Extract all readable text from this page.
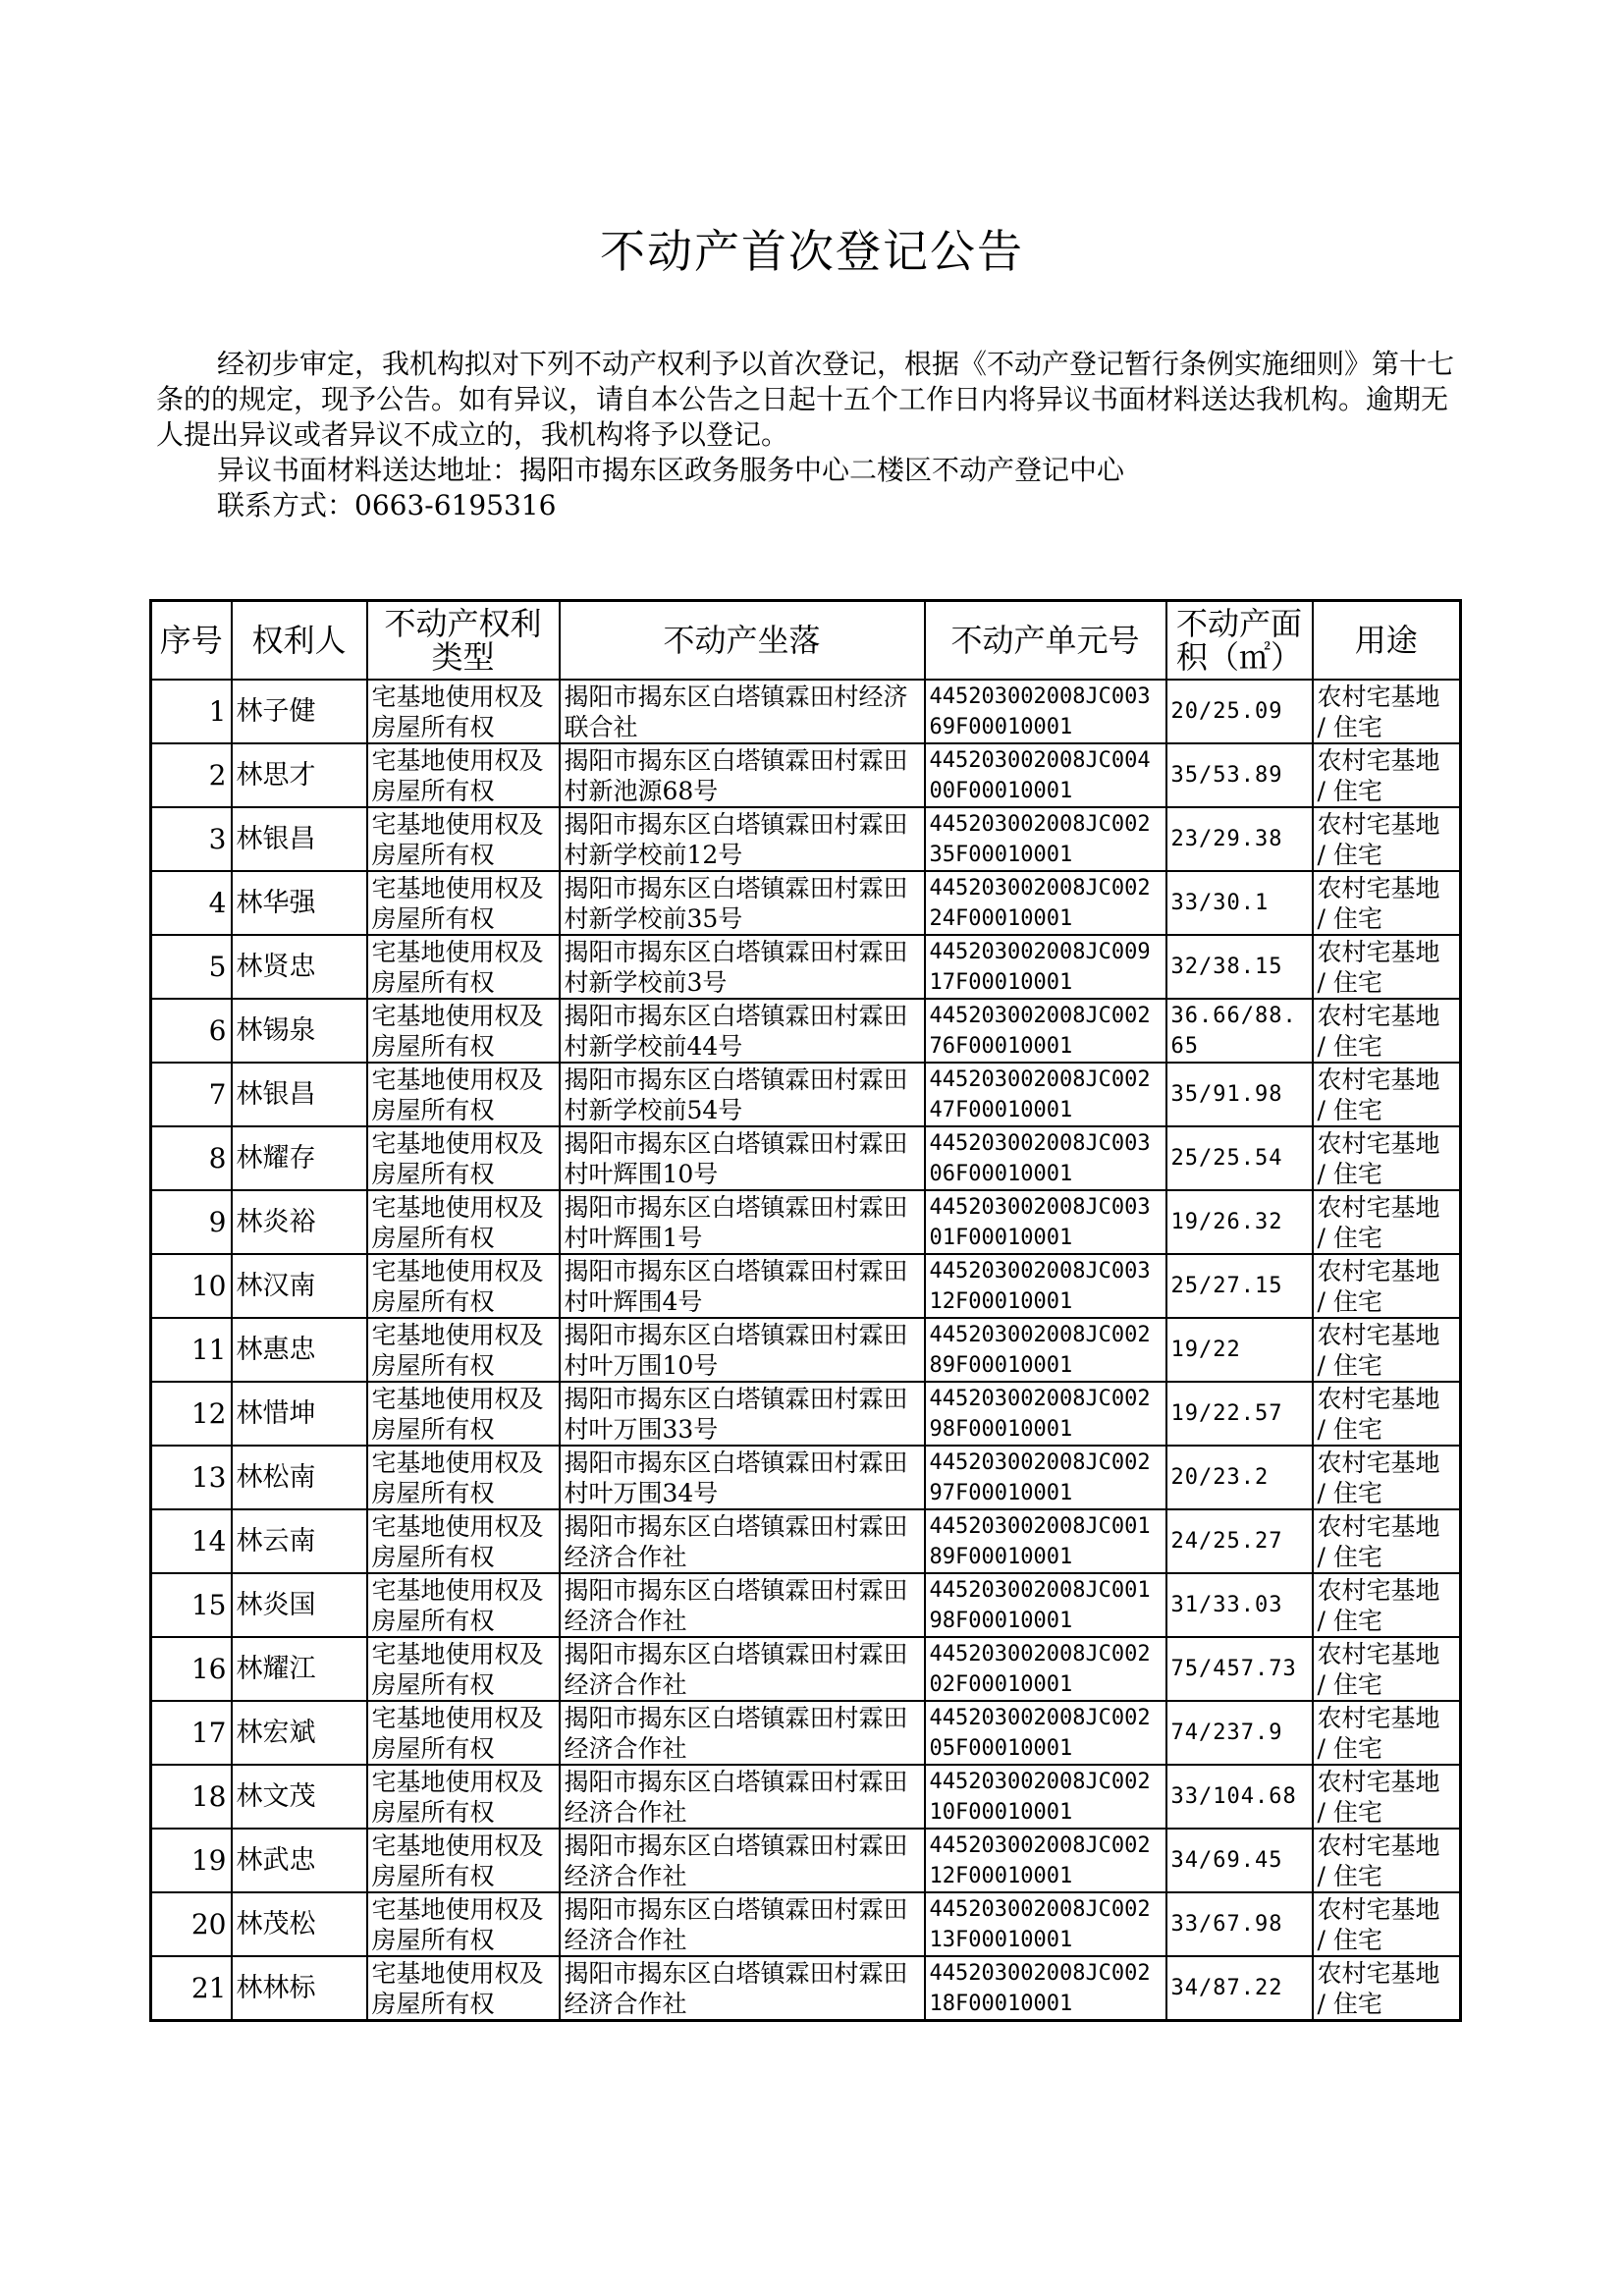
不动产首次登记公告

经初步审定，我机构拟对下列不动产权利予以首次登记，根据《不动产登记暂行条例实施细则》第十七条的的规定，现予公告。如有异议，请自本公告之日起十五个工作日内将异议书面材料送达我机构。逾期无人提出异议或者异议不成立的，我机构将予以登记。

异议书面材料送达地址：揭阳市揭东区政务服务中心二楼区不动产登记中心

联系方式：0663-6195316

序号	权利人	不动产权利类型	不动产坐落	不动产单元号	不动产面积（㎡）	用途
1	林子健	宅基地使用权及房屋所有权	揭阳市揭东区白塔镇霖田村经济联合社	445203002008JC00369F00010001	20/25.09	农村宅基地 / 住宅
2	林思才	宅基地使用权及房屋所有权	揭阳市揭东区白塔镇霖田村霖田村新池源68号	445203002008JC00400F00010001	35/53.89	农村宅基地 / 住宅
3	林银昌	宅基地使用权及房屋所有权	揭阳市揭东区白塔镇霖田村霖田村新学校前12号	445203002008JC00235F00010001	23/29.38	农村宅基地 / 住宅
4	林华强	宅基地使用权及房屋所有权	揭阳市揭东区白塔镇霖田村霖田村新学校前35号	445203002008JC00224F00010001	33/30.1	农村宅基地 / 住宅
5	林贤忠	宅基地使用权及房屋所有权	揭阳市揭东区白塔镇霖田村霖田村新学校前3号	445203002008JC00917F00010001	32/38.15	农村宅基地 / 住宅
6	林锡泉	宅基地使用权及房屋所有权	揭阳市揭东区白塔镇霖田村霖田村新学校前44号	445203002008JC00276F00010001	36.66/88.65	农村宅基地 / 住宅
7	林银昌	宅基地使用权及房屋所有权	揭阳市揭东区白塔镇霖田村霖田村新学校前54号	445203002008JC00247F00010001	35/91.98	农村宅基地 / 住宅
8	林耀存	宅基地使用权及房屋所有权	揭阳市揭东区白塔镇霖田村霖田村叶辉围10号	445203002008JC00306F00010001	25/25.54	农村宅基地 / 住宅
9	林炎裕	宅基地使用权及房屋所有权	揭阳市揭东区白塔镇霖田村霖田村叶辉围1号	445203002008JC00301F00010001	19/26.32	农村宅基地 / 住宅
10	林汉南	宅基地使用权及房屋所有权	揭阳市揭东区白塔镇霖田村霖田村叶辉围4号	445203002008JC00312F00010001	25/27.15	农村宅基地 / 住宅
11	林惠忠	宅基地使用权及房屋所有权	揭阳市揭东区白塔镇霖田村霖田村叶万围10号	445203002008JC00289F00010001	19/22	农村宅基地 / 住宅
12	林惜坤	宅基地使用权及房屋所有权	揭阳市揭东区白塔镇霖田村霖田村叶万围33号	445203002008JC00298F00010001	19/22.57	农村宅基地 / 住宅
13	林松南	宅基地使用权及房屋所有权	揭阳市揭东区白塔镇霖田村霖田村叶万围34号	445203002008JC00297F00010001	20/23.2	农村宅基地 / 住宅
14	林云南	宅基地使用权及房屋所有权	揭阳市揭东区白塔镇霖田村霖田经济合作社	445203002008JC00189F00010001	24/25.27	农村宅基地 / 住宅
15	林炎国	宅基地使用权及房屋所有权	揭阳市揭东区白塔镇霖田村霖田经济合作社	445203002008JC00198F00010001	31/33.03	农村宅基地 / 住宅
16	林耀江	宅基地使用权及房屋所有权	揭阳市揭东区白塔镇霖田村霖田经济合作社	445203002008JC00202F00010001	75/457.73	农村宅基地 / 住宅
17	林宏斌	宅基地使用权及房屋所有权	揭阳市揭东区白塔镇霖田村霖田经济合作社	445203002008JC00205F00010001	74/237.9	农村宅基地 / 住宅
18	林文茂	宅基地使用权及房屋所有权	揭阳市揭东区白塔镇霖田村霖田经济合作社	445203002008JC00210F00010001	33/104.68	农村宅基地 / 住宅
19	林武忠	宅基地使用权及房屋所有权	揭阳市揭东区白塔镇霖田村霖田经济合作社	445203002008JC00212F00010001	34/69.45	农村宅基地 / 住宅
20	林茂松	宅基地使用权及房屋所有权	揭阳市揭东区白塔镇霖田村霖田经济合作社	445203002008JC00213F00010001	33/67.98	农村宅基地 / 住宅
21	林林标	宅基地使用权及房屋所有权	揭阳市揭东区白塔镇霖田村霖田经济合作社	445203002008JC00218F00010001	34/87.22	农村宅基地 / 住宅
